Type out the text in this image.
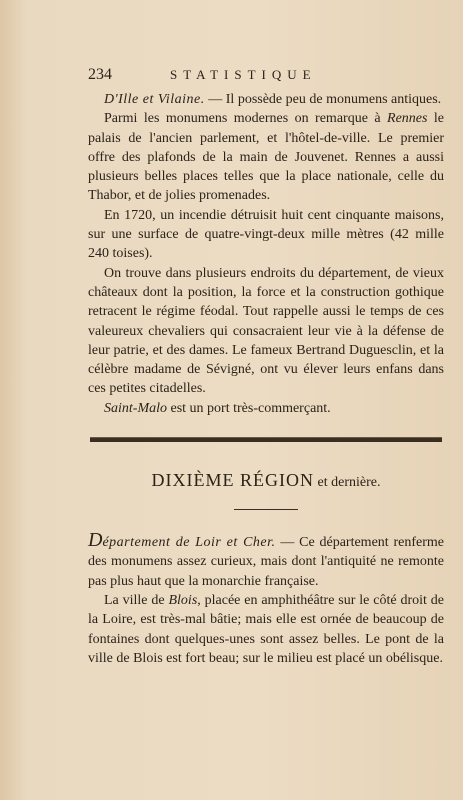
234	STATISTIQUE

D'Ille et Vilaine. — Il possède peu de monumens antiques.

Parmi les monumens modernes on remarque à Rennes le palais de l'ancien parlement, et l'hôtel-de-ville. Le premier offre des plafonds de la main de Jouvenet. Rennes a aussi plusieurs belles places telles que la place nationale, celle du Thabor, et de jolies promenades.

En 1720, un incendie détruisit huit cent cinquante maisons, sur une surface de quatre-vingt-deux mille mètres (42 mille 240 toises).

On trouve dans plusieurs endroits du département, de vieux châteaux dont la position, la force et la construction gothique retracent le régime féodal. Tout rappelle aussi le temps de ces valeureux chevaliers qui consacraient leur vie à la défense de leur patrie, et des dames. Le fameux Bertrand Duguesclin, et la célèbre madame de Sévigné, ont vu élever leurs enfans dans ces petites citadelles.

Saint-Malo est un port très-commerçant.

DIXIÈME RÉGION et dernière.

Département de Loir et Cher. — Ce département renferme des monumens assez curieux, mais dont l'antiquité ne remonte pas plus haut que la monarchie française.

La ville de Blois, placée en amphithéâtre sur le côté droit de la Loire, est très-mal bâtie; mais elle est ornée de beaucoup de fontaines dont quelques-unes sont assez belles. Le pont de la ville de Blois est fort beau; sur le milieu est placé un obélisque.
